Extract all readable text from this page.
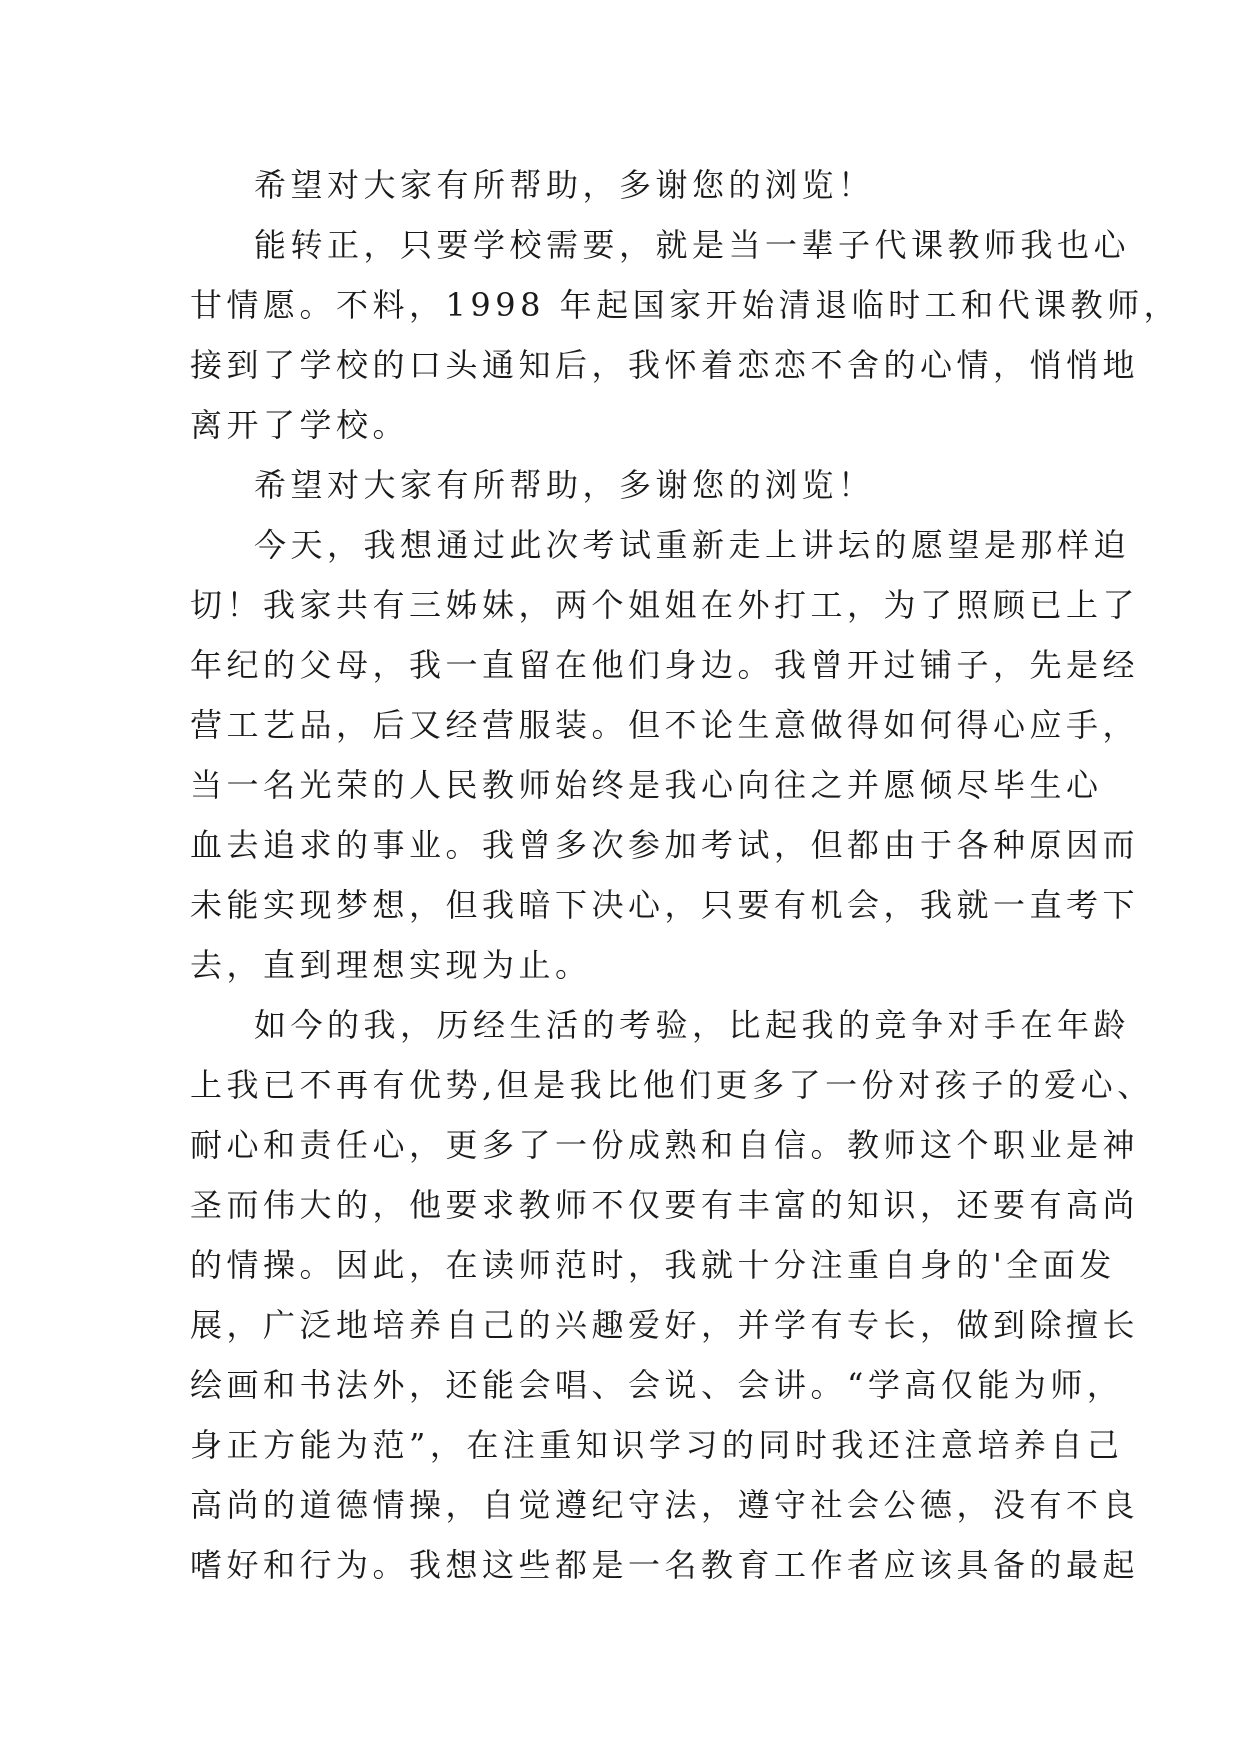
希望对大家有所帮助，多谢您的浏览！
能转正，只要学校需要，就是当一辈子代课教师我也心
甘情愿。不料，1998 年起国家开始清退临时工和代课教师，
接到了学校的口头通知后，我怀着恋恋不舍的心情，悄悄地
离开了学校。
希望对大家有所帮助，多谢您的浏览！
今天，我想通过此次考试重新走上讲坛的愿望是那样迫
切！我家共有三姊妹，两个姐姐在外打工，为了照顾已上了
年纪的父母，我一直留在他们身边。我曾开过铺子，先是经
营工艺品，后又经营服装。但不论生意做得如何得心应手，
当一名光荣的人民教师始终是我心向往之并愿倾尽毕生心
血去追求的事业。我曾多次参加考试，但都由于各种原因而
未能实现梦想，但我暗下决心，只要有机会，我就一直考下
去，直到理想实现为止。
如今的我，历经生活的考验，比起我的竞争对手在年龄
上我已不再有优势,但是我比他们更多了一份对孩子的爱心、
耐心和责任心，更多了一份成熟和自信。教师这个职业是神
圣而伟大的，他要求教师不仅要有丰富的知识，还要有高尚
的情操。因此，在读师范时，我就十分注重自身的'全面发
展，广泛地培养自己的兴趣爱好，并学有专长，做到除擅长
绘画和书法外，还能会唱、会说、会讲。“学高仅能为师，
身正方能为范”，在注重知识学习的同时我还注意培养自己
高尚的道德情操，自觉遵纪守法，遵守社会公德，没有不良
嗜好和行为。我想这些都是一名教育工作者应该具备的最起
